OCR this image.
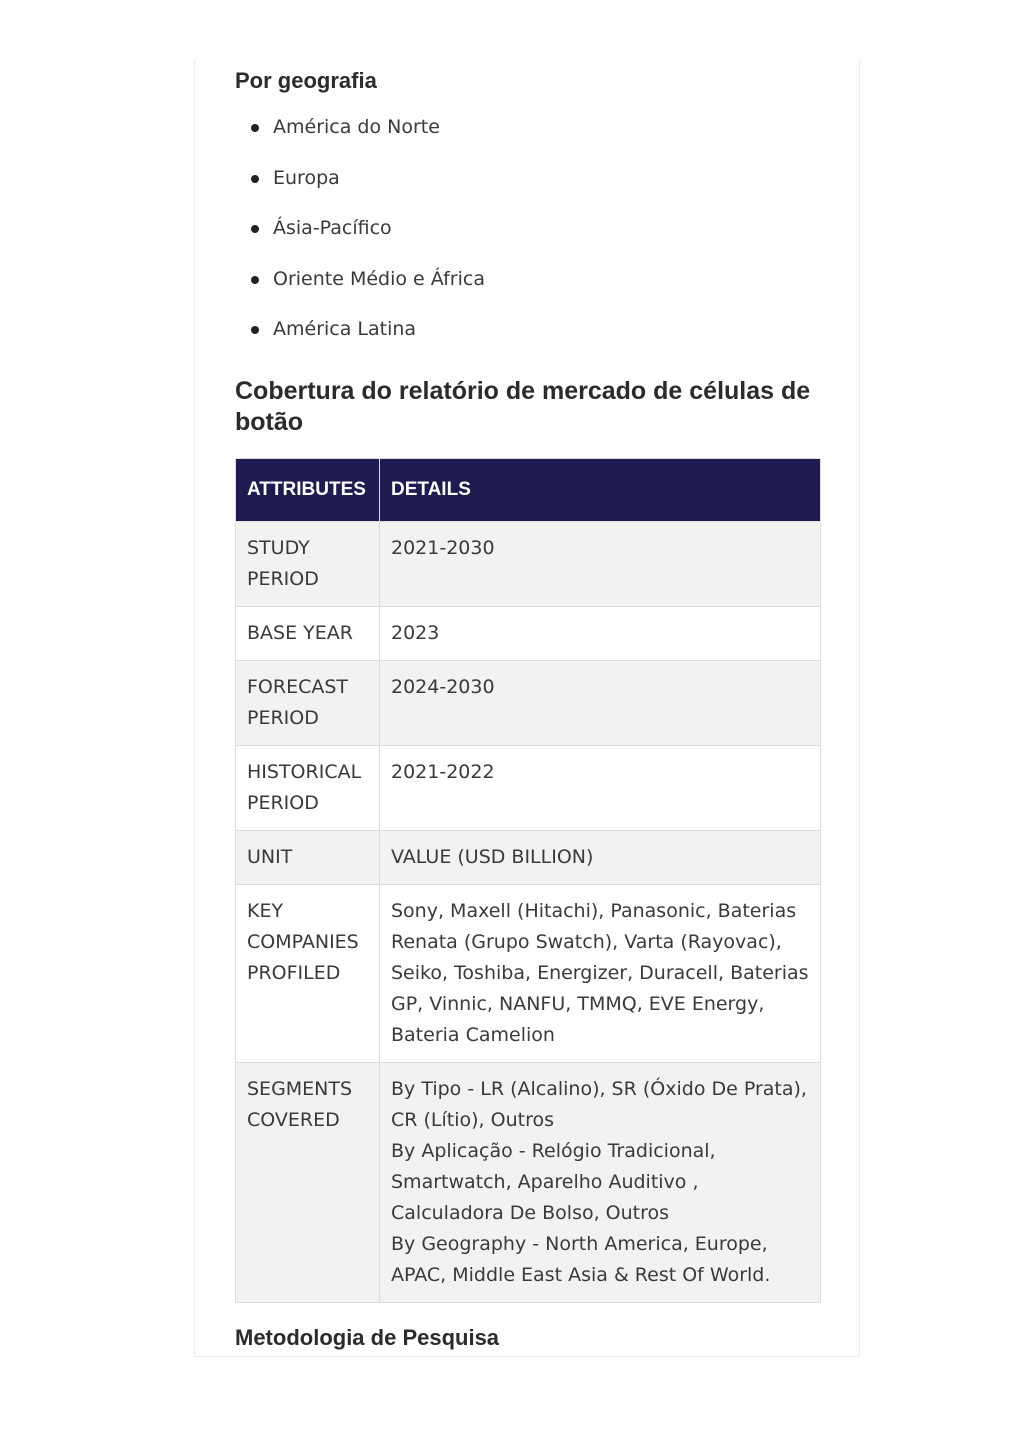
Por geografia
América do Norte
Europa
Ásia-Pacífico
Oriente Médio e África
América Latina
Cobertura do relatório de mercado de células de botão
ATTRIBUTES	DETAILS
STUDY PERIOD	2021-2030
BASE YEAR	2023
FORECAST PERIOD	2024-2030
HISTORICAL PERIOD	2021-2022
UNIT	VALUE (USD BILLION)
KEY COMPANIES PROFILED	Sony, Maxell (Hitachi), Panasonic, Baterias Renata (Grupo Swatch), Varta (Rayovac), Seiko, Toshiba, Energizer, Duracell, Baterias GP, Vinnic, NANFU, TMMQ, EVE Energy, Bateria Camelion
SEGMENTS COVERED	By Tipo - LR (Alcalino), SR (Óxido De Prata), CR (Lítio), Outros
By Aplicação - Relógio Tradicional, Smartwatch, Aparelho Auditivo , Calculadora De Bolso, Outros
By Geography - North America, Europe, APAC, Middle East Asia & Rest Of World.
Metodologia de Pesquisa
